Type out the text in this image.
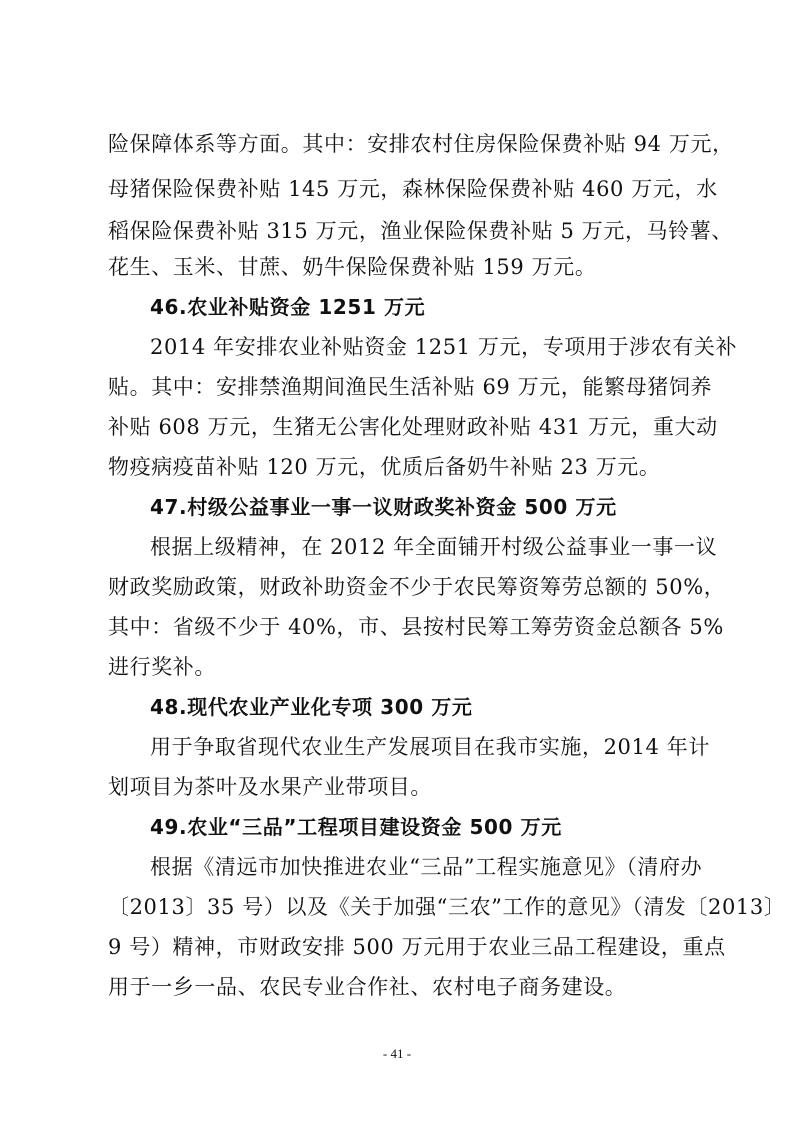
险保障体系等方面。其中：安排农村住房保险保费补贴 94 万元，
母猪保险保费补贴 145 万元，森林保险保费补贴 460 万元，水
稻保险保费补贴 315 万元，渔业保险保费补贴 5 万元，马铃薯、
花生、玉米、甘蔗、奶牛保险保费补贴 159 万元。
46.农业补贴资金 1251 万元
2014 年安排农业补贴资金 1251 万元，专项用于涉农有关补
贴。其中：安排禁渔期间渔民生活补贴 69 万元，能繁母猪饲养
补贴 608 万元，生猪无公害化处理财政补贴 431 万元，重大动
物疫病疫苗补贴 120 万元，优质后备奶牛补贴 23 万元。
47.村级公益事业一事一议财政奖补资金 500 万元
根据上级精神，在 2012 年全面铺开村级公益事业一事一议
财政奖励政策，财政补助资金不少于农民筹资筹劳总额的 50%，
其中：省级不少于 40%，市、县按村民筹工筹劳资金总额各 5%
进行奖补。
48.现代农业产业化专项 300 万元
用于争取省现代农业生产发展项目在我市实施，2014 年计
划项目为茶叶及水果产业带项目。
49.农业“三品”工程项目建设资金 500 万元
根据《清远市加快推进农业“三品”工程实施意见》（清府办
〔2013〕35 号）以及《关于加强“三农”工作的意见》（清发〔2013〕
9 号）精神，市财政安排 500 万元用于农业三品工程建设，重点
用于一乡一品、农民专业合作社、农村电子商务建设。
- 41 -
